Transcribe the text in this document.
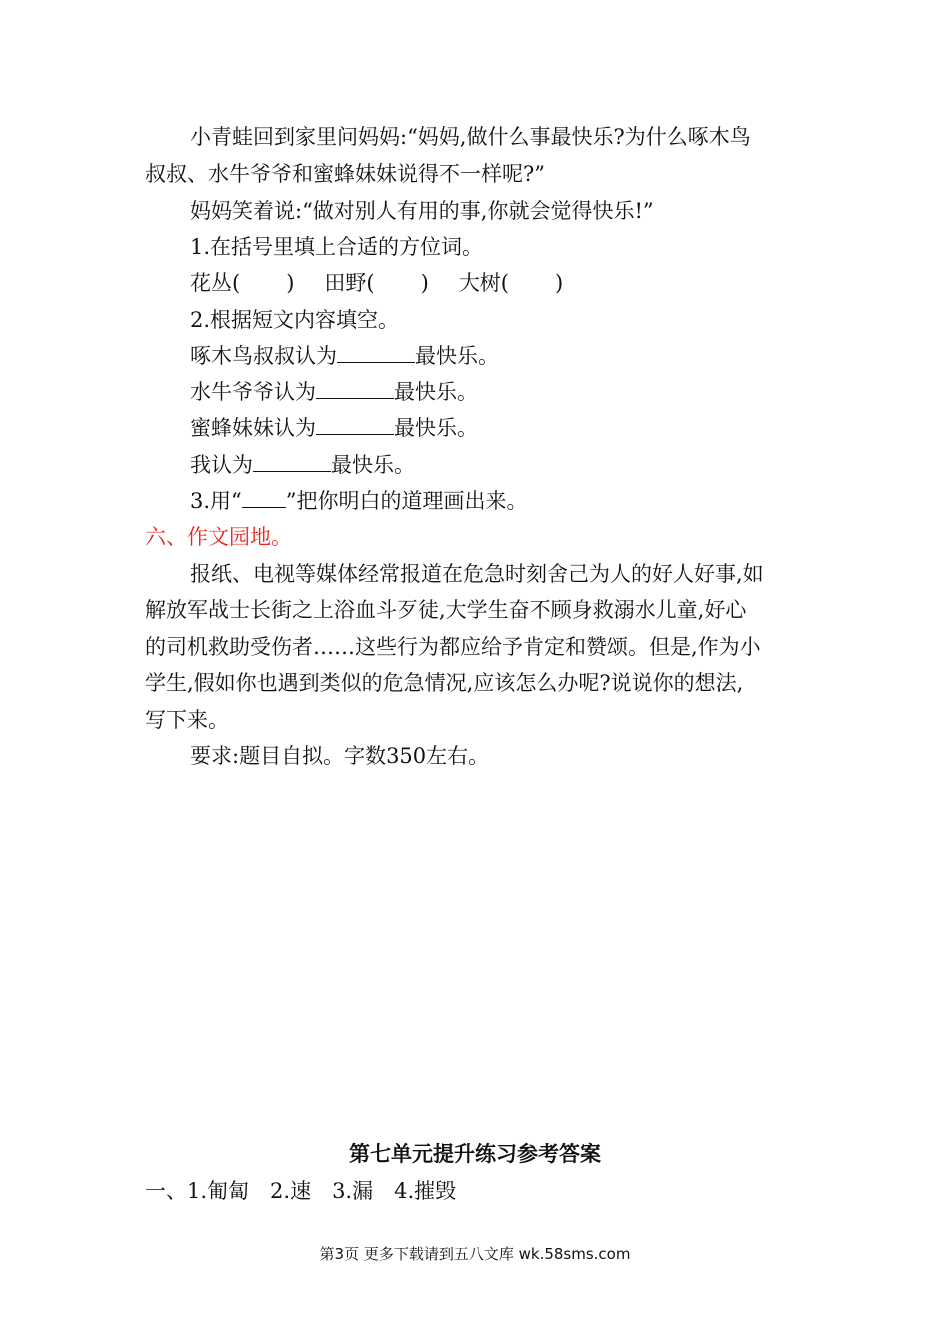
小青蛙回到家里问妈妈:“妈妈,做什么事最快乐?为什么啄木鸟
叔叔、水牛爷爷和蜜蜂妹妹说得不一样呢?”
妈妈笑着说:“做对别人有用的事,你就会觉得快乐!”
1.在括号里填上合适的方位词。
花丛( ) 田野( ) 大树( )
2.根据短文内容填空。
啄木鸟叔叔认为	最快乐。
水牛爷爷认为	最快乐。
蜜蜂妹妹认为	最快乐。
我认为	最快乐。
3.用“ ”把你明白的道理画出来。
六、作文园地。
报纸、电视等媒体经常报道在危急时刻舍己为人的好人好事,如
解放军战士长街之上浴血斗歹徒,大学生奋不顾身救溺水儿童,好心
的司机救助受伤者……这些行为都应给予肯定和赞颂。但是,作为小
学生,假如你也遇到类似的危急情况,应该怎么办呢?说说你的想法,
写下来。
要求:题目自拟。字数350左右。
第七单元提升练习参考答案
一、1.匍匐　2.速　3.漏　4.摧毁
第3页 更多下载请到五八文库 wk.58sms.com
